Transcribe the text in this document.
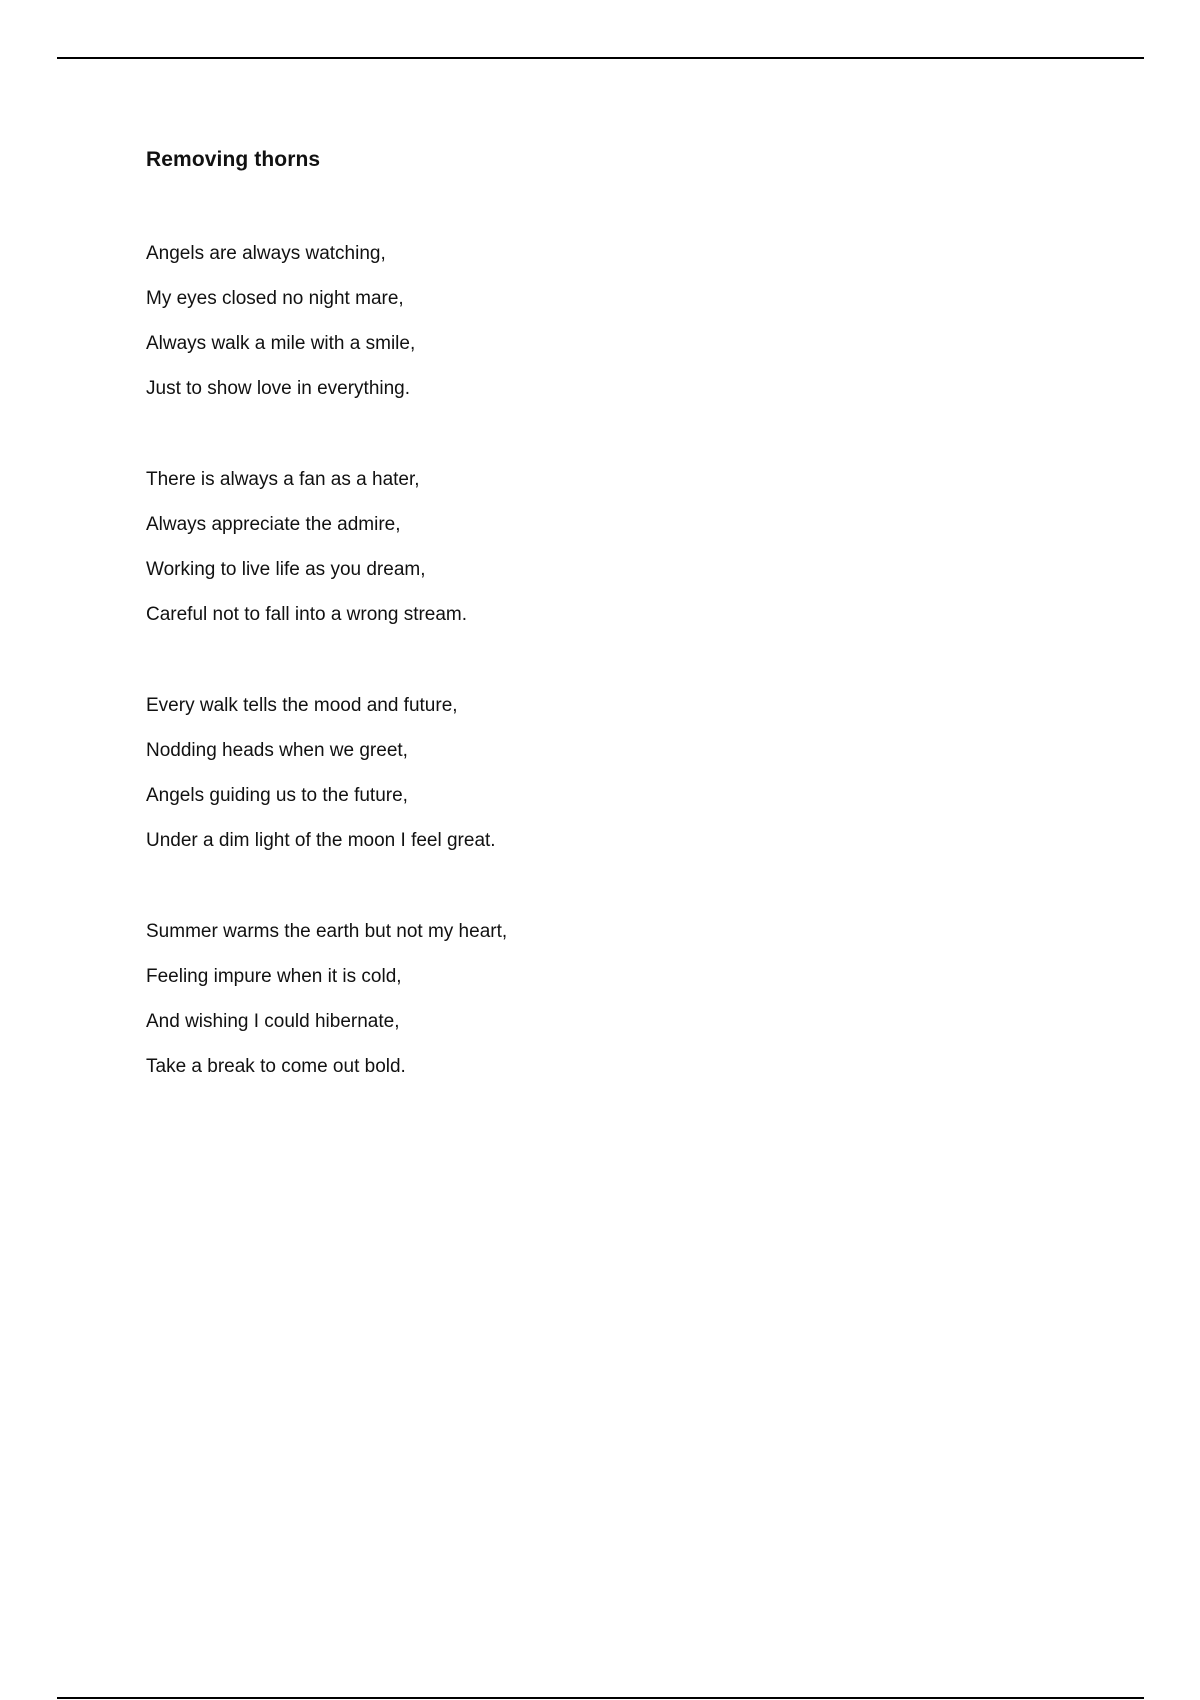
Removing thorns
Angels are always watching,
My eyes closed no night mare,
Always walk a mile with a smile,
Just to show love in everything.
There is always a fan as a hater,
Always appreciate the admire,
Working to live life as you dream,
Careful not to fall into a wrong stream.
Every walk tells the mood and future,
Nodding heads when we greet,
Angels guiding us to the future,
Under a dim light of the moon I feel great.
Summer warms the earth but not my heart,
Feeling impure when it is cold,
And wishing I could hibernate,
Take a break to come out bold.
